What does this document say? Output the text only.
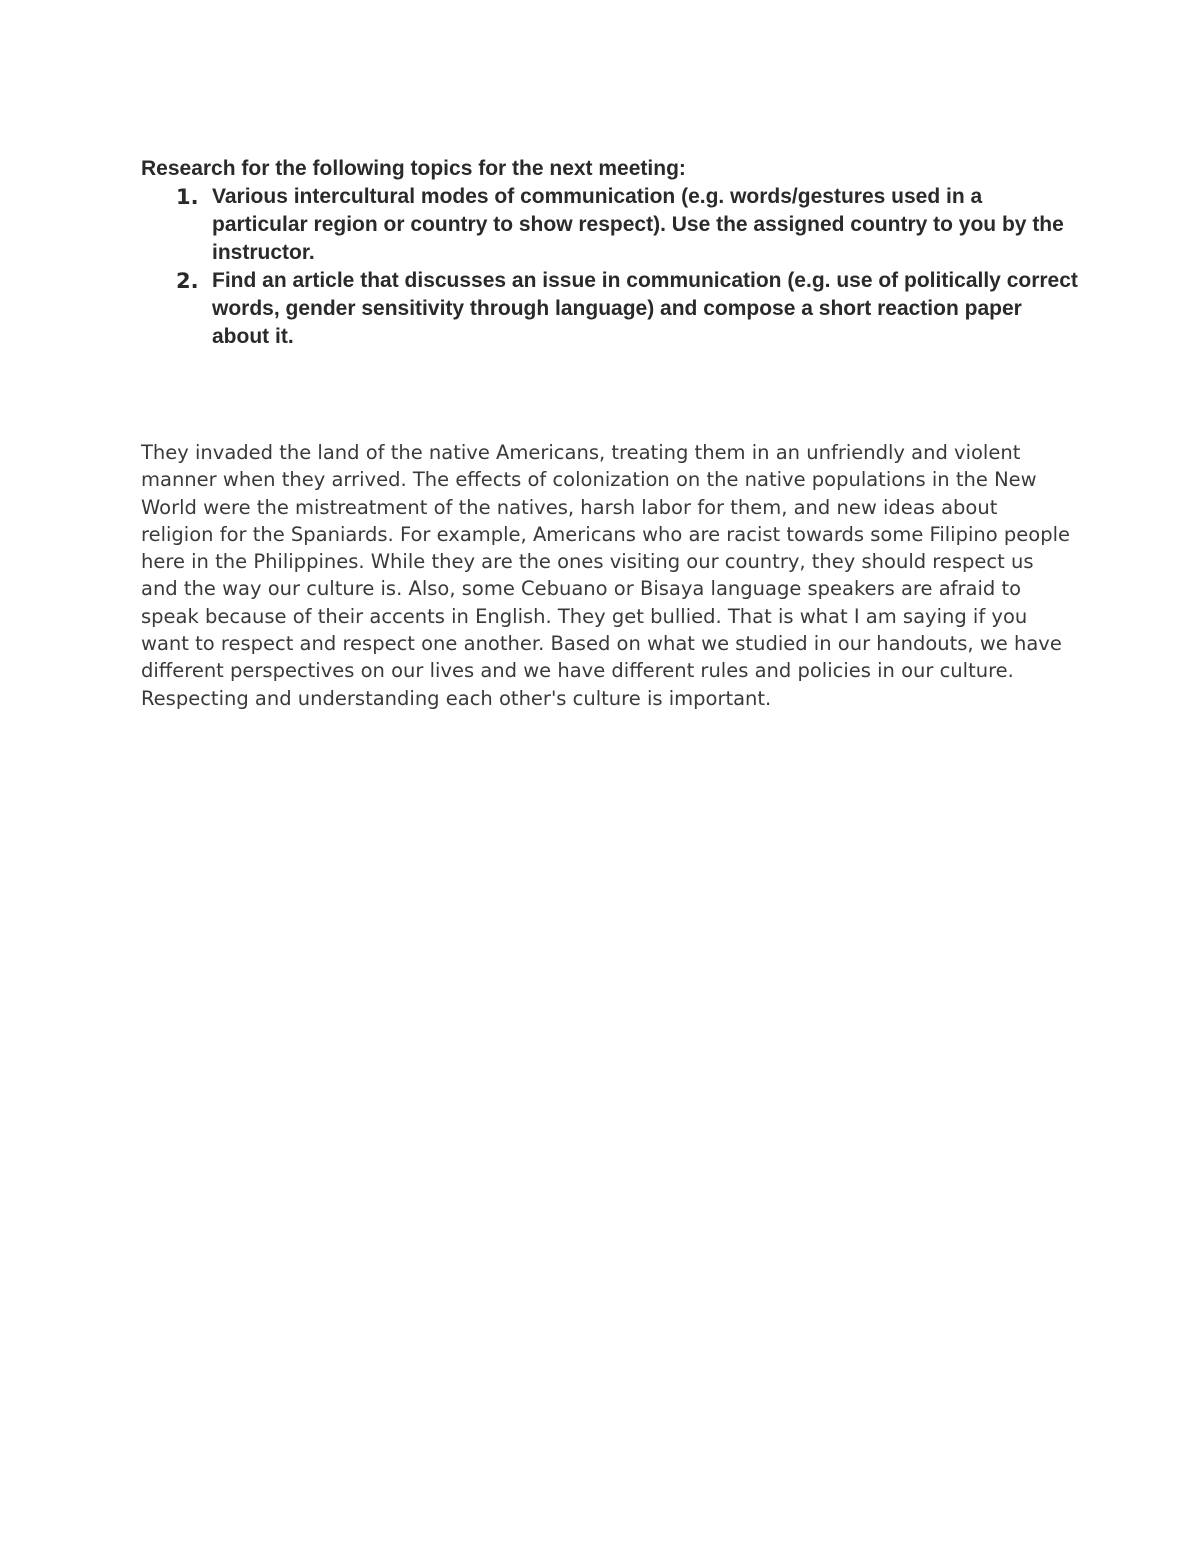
Research for the following topics for the next meeting:

1. Various intercultural modes of communication (e.g. words/gestures used in a particular region or country to show respect). Use the assigned country to you by the instructor.
2. Find an article that discusses an issue in communication (e.g. use of politically correct words, gender sensitivity through language) and compose a short reaction paper about it.

They invaded the land of the native Americans, treating them in an unfriendly and violent manner when they arrived. The effects of colonization on the native populations in the New World were the mistreatment of the natives, harsh labor for them, and new ideas about religion for the Spaniards. For example, Americans who are racist towards some Filipino people here in the Philippines. While they are the ones visiting our country, they should respect us and the way our culture is. Also, some Cebuano or Bisaya language speakers are afraid to speak because of their accents in English. They get bullied. That is what I am saying if you want to respect and respect one another. Based on what we studied in our handouts, we have different perspectives on our lives and we have different rules and policies in our culture. Respecting and understanding each other's culture is important.
